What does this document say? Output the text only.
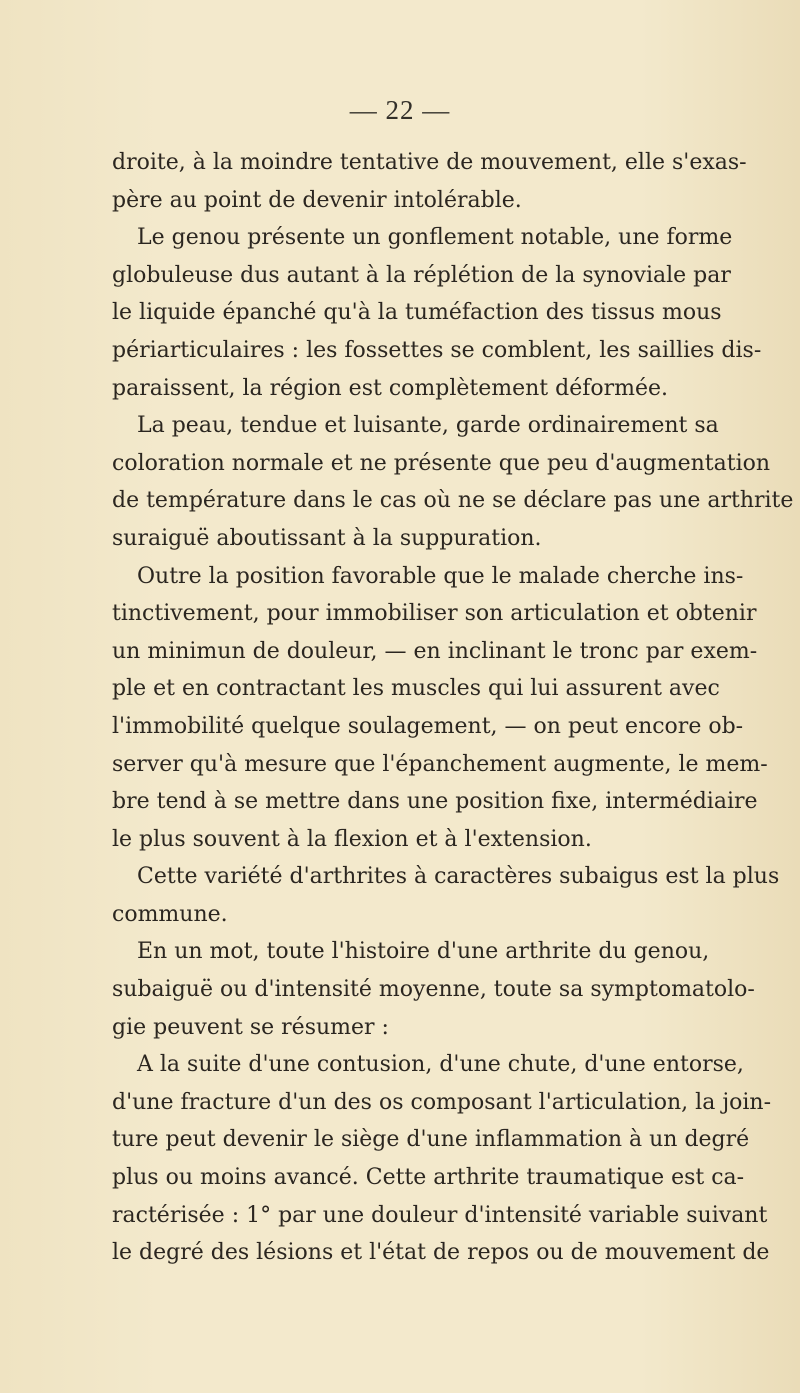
— 22 —
droite, à la moindre tentative de mouvement, elle s'exas-
père au point de devenir intolérable.
Le genou présente un gonflement notable, une forme
globuleuse dus autant à la réplétion de la synoviale par
le liquide épanché qu'à la tuméfaction des tissus mous
périarticulaires : les fossettes se comblent, les saillies dis-
paraissent, la région est complètement déformée.
La peau, tendue et luisante, garde ordinairement sa
coloration normale et ne présente que peu d'augmentation
de température dans le cas où ne se déclare pas une arthrite
suraiguë aboutissant à la suppuration.
Outre la position favorable que le malade cherche ins-
tinctivement, pour immobiliser son articulation et obtenir
un minimun de douleur, — en inclinant le tronc par exem-
ple et en contractant les muscles qui lui assurent avec
l'immobilité quelque soulagement, — on peut encore ob-
server qu'à mesure que l'épanchement augmente, le mem-
bre tend à se mettre dans une position fixe, intermédiaire
le plus souvent à la flexion et à l'extension.
Cette variété d'arthrites à caractères subaigus est la plus
commune.
En un mot, toute l'histoire d'une arthrite du genou,
subaiguë ou d'intensité moyenne, toute sa symptomatolo-
gie peuvent se résumer :
A la suite d'une contusion, d'une chute, d'une entorse,
d'une fracture d'un des os composant l'articulation, la join-
ture peut devenir le siège d'une inflammation à un degré
plus ou moins avancé. Cette arthrite traumatique est ca-
ractérisée : 1° par une douleur d'intensité variable suivant
le degré des lésions et l'état de repos ou de mouvement de
